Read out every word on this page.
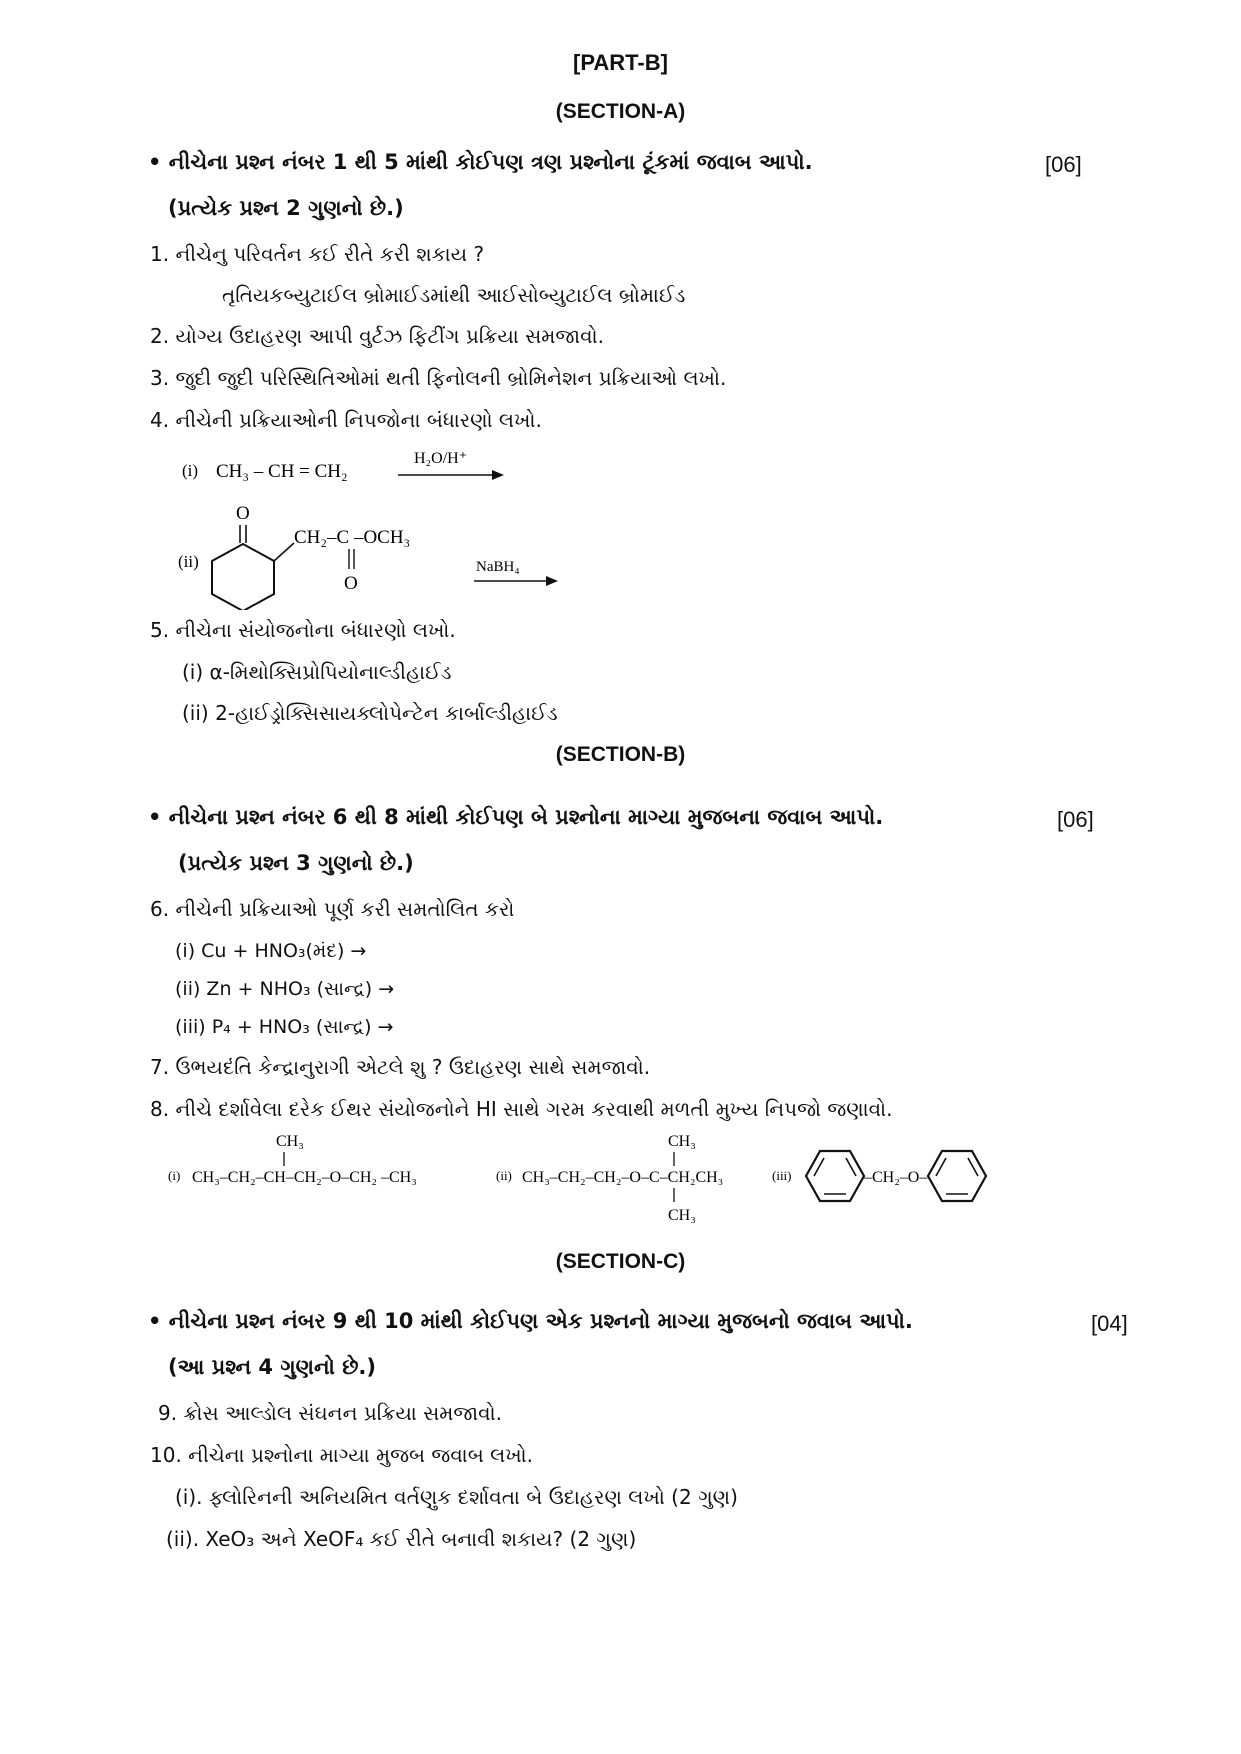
[PART-B]
(SECTION-A)
• નીચેના પ્રશ્ન નંબર 1 થી 5 માંથી કોઈપણ ત્રણ પ્રશ્નોના ટૂંકમાં જવાબ આપો.	[06]
(પ્રત્યેક પ્રશ્ન 2 ગુણનો છે.)
1. નીચેનુ પરિવર્તન કઈ રીતે કરી શકાય ?
તૃતિયકબ્યુટાઈલ બ્રોમાઈડમાંથી આઈસોબ્યુટાઈલ બ્રોમાઈડ
2. યોગ્ય ઉદાહરણ આપી વુર્ટઝ ફિટીંગ પ્રક્રિયા સમજાવો.
3. જુદી જુદી પરિસ્થિતિઓમાં થતી ફિનોલની બ્રોમિનેશન પ્રક્રિયાઓ લખો.
4. નીચેની પ્રક્રિયાઓની નિપજોના બંધારણો લખો.
(i) CH₃ – CH = CH₂
H₂O/H⁺
(ii)
O
CH₂–C –OCH₃
O
NaBH₄
5. નીચેના સંયોજનોના બંધારણો લખો.
(i) α-મિથોક્સિપ્રોપિયોનાલ્ડીહાઈડ
(ii) 2-હાઈડ્રોક્સિસાયક્લોપેન્ટેન કાર્બાલ્ડીહાઈડ
(SECTION-B)
• નીચેના પ્રશ્ન નંબર 6 થી 8 માંથી કોઈપણ બે પ્રશ્નોના માગ્યા મુજબના જવાબ આપો.	[06]
(પ્રત્યેક પ્રશ્ન 3 ગુણનો છે.)
6. નીચેની પ્રક્રિયાઓ પૂર્ણ કરી સમતોલિત કરો
(i) Cu + HNO₃(મંદ) →
(ii) Zn + NHO₃ (સાન્દ્ર) →
(iii) P₄ + HNO₃ (સાન્દ્ર) →
7. ઉભયદંતિ કેન્દ્રાનુરાગી એટલે શુ ? ઉદાહરણ સાથે સમજાવો.
8. નીચે દર્શાવેલા દરેક ઈથર સંયોજનોને HI સાથે ગરમ કરવાથી મળતી મુખ્ય નિપજો જણાવો.
(i)
CH₃
CH₃–CH₂–CH–CH₂–O–CH₂ –CH₃	(ii)
CH₃
CH₃–CH₂–CH₂–O–C–CH₂CH₃
CH₃
(iii)	–CH₂–O–
(SECTION-C)
• નીચેના પ્રશ્ન નંબર 9 થી 10 માંથી કોઈપણ એક પ્રશ્નનો માગ્યા મુજબનો જવાબ આપો.	[04]
(આ પ્રશ્ન 4 ગુણનો છે.)
9. ક્રોસ આલ્ડોલ સંઘનન પ્રક્રિયા સમજાવો.
10. નીચેના પ્રશ્નોના માગ્યા મુજબ જવાબ લખો.
(i). ફ્લોરિનની અનિયમિત વર્તણુક દર્શાવતા બે ઉદાહરણ લખો (2 ગુણ)
(ii). XeO₃ અને XeOF₄ કઈ રીતે બનાવી શકાય? (2 ગુણ)
